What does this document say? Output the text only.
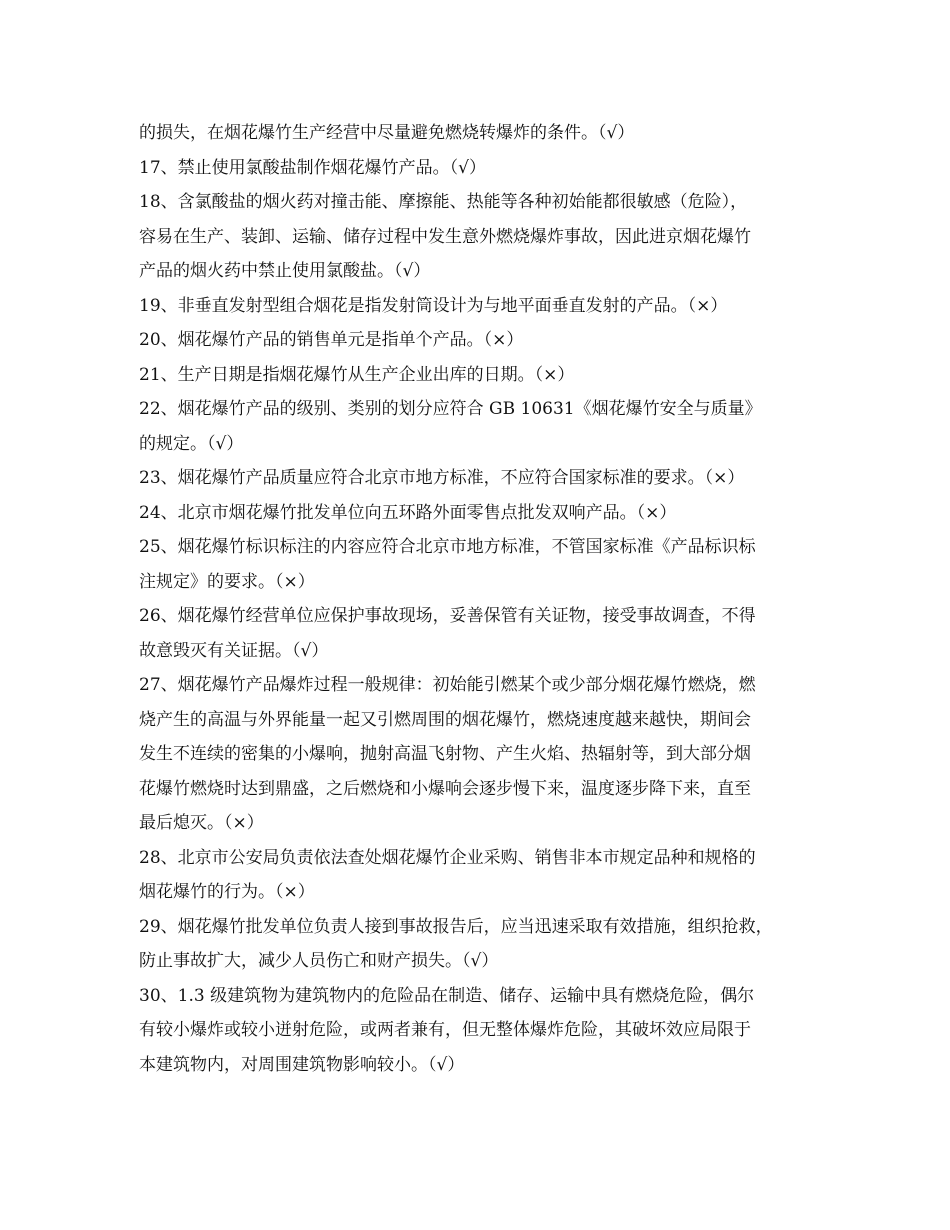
的损失，在烟花爆竹生产经营中尽量避免燃烧转爆炸的条件。（√）
17、禁止使用氯酸盐制作烟花爆竹产品。（√）
18、含氯酸盐的烟火药对撞击能、摩擦能、热能等各种初始能都很敏感（危险），
容易在生产、装卸、运输、储存过程中发生意外燃烧爆炸事故，因此进京烟花爆竹
产品的烟火药中禁止使用氯酸盐。（√）
19、非垂直发射型组合烟花是指发射筒设计为与地平面垂直发射的产品。（×）
20、烟花爆竹产品的销售单元是指单个产品。（×）
21、生产日期是指烟花爆竹从生产企业出库的日期。（×）
22、烟花爆竹产品的级别、类别的划分应符合 GB 10631《烟花爆竹安全与质量》
的规定。（√）
23、烟花爆竹产品质量应符合北京市地方标准，不应符合国家标准的要求。（×）
24、北京市烟花爆竹批发单位向五环路外面零售点批发双响产品。（×）
25、烟花爆竹标识标注的内容应符合北京市地方标准，不管国家标准《产品标识标
注规定》的要求。（×）
26、烟花爆竹经营单位应保护事故现场，妥善保管有关证物，接受事故调查，不得
故意毁灭有关证据。（√）
27、烟花爆竹产品爆炸过程一般规律：初始能引燃某个或少部分烟花爆竹燃烧，燃
烧产生的高温与外界能量一起又引燃周围的烟花爆竹，燃烧速度越来越快，期间会
发生不连续的密集的小爆响，抛射高温飞射物、产生火焰、热辐射等，到大部分烟
花爆竹燃烧时达到鼎盛，之后燃烧和小爆响会逐步慢下来，温度逐步降下来，直至
最后熄灭。（×）
28、北京市公安局负责依法查处烟花爆竹企业采购、销售非本市规定品种和规格的
烟花爆竹的行为。（×）
29、烟花爆竹批发单位负责人接到事故报告后，应当迅速采取有效措施，组织抢救，
防止事故扩大，减少人员伤亡和财产损失。（√）
30、1.3 级建筑物为建筑物内的危险品在制造、储存、运输中具有燃烧危险，偶尔
有较小爆炸或较小迸射危险，或两者兼有，但无整体爆炸危险，其破坏效应局限于
本建筑物内，对周围建筑物影响较小。（√）
